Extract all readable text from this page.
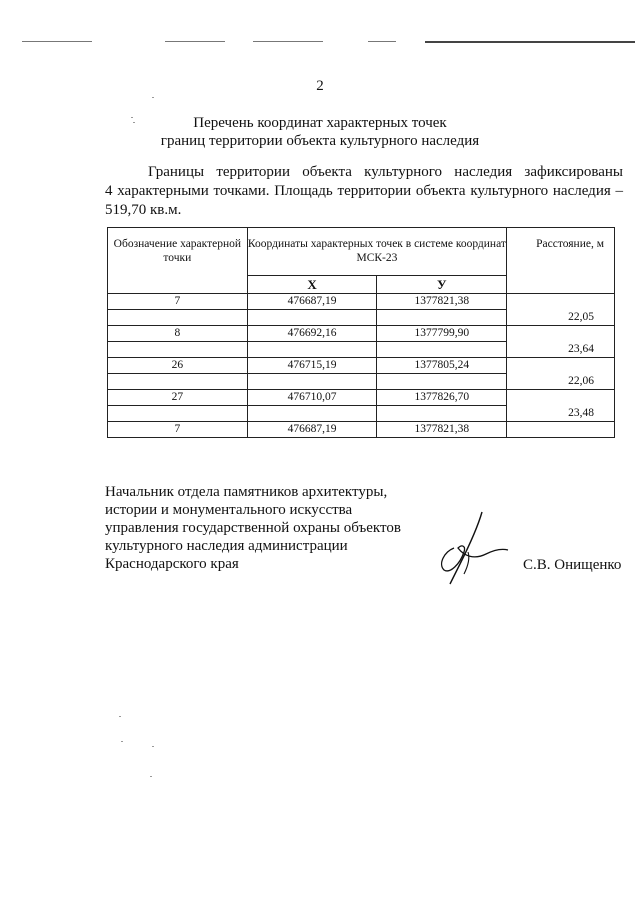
2
Перечень координат характерных точек
границ территории объекта культурного наследия

Границы территории объекта культурного наследия зафиксированы

4 характерными точками. Площадь территории объекта культурного наследия –

519,70 кв.м.

Обозначение характерной точки	Координаты характерных точек в системе координат МСК-23		Расстояние, м
	X	У	
7	476687,19	1377821,38	22,05

8	476692,16	1377799,90	23,64

26	476715,19	1377805,24	22,06

27	476710,07	1377826,70	23,48

7	476687,19	1377821,38	
Начальник отдела памятников архитектуры,
истории и монументального искусства
управления государственной охраны объектов
культурного наследия администрации
Краснодарского края	С.В. Онищенко
